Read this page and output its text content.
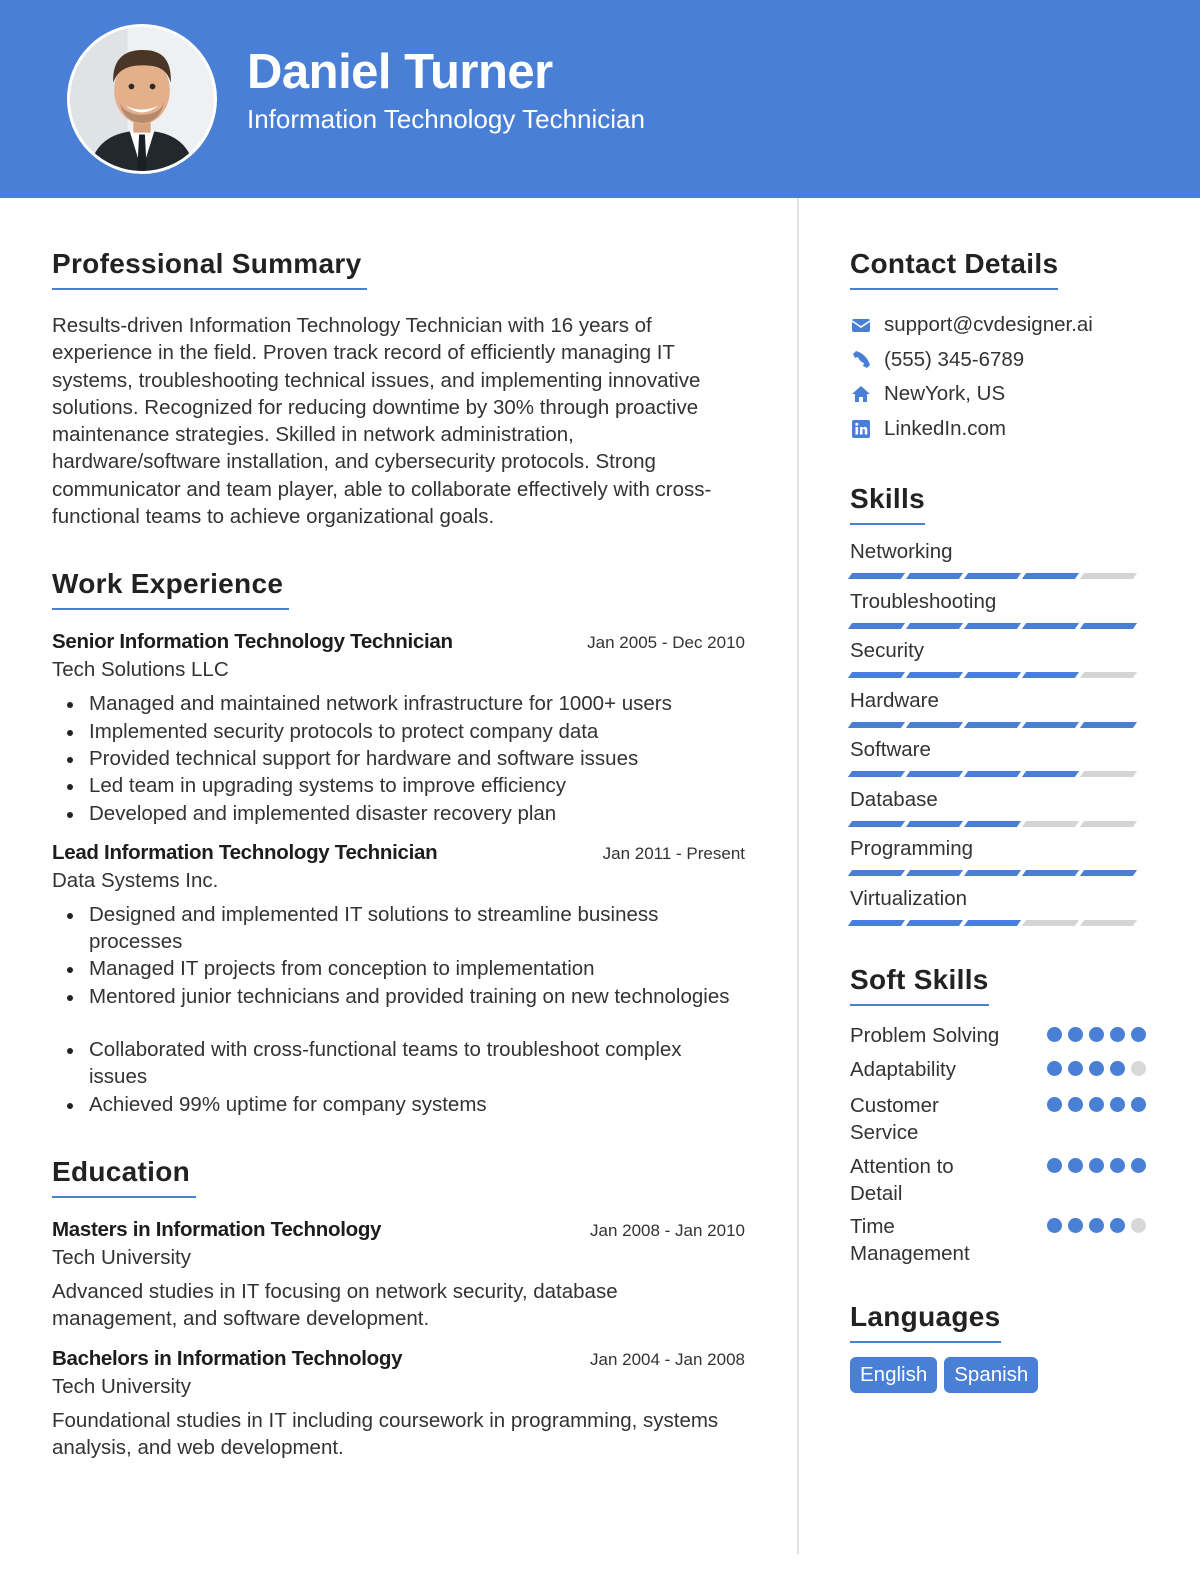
Daniel Turner
Information Technology Technician
Professional Summary

Results-driven Information Technology Technician with 16 years of experience in the field. Proven track record of efficiently managing IT systems, troubleshooting technical issues, and implementing innovative solutions. Recognized for reducing downtime by 30% through proactive maintenance strategies. Skilled in network administration, hardware/software installation, and cybersecurity protocols. Strong communicator and team player, able to collaborate effectively with cross-functional teams to achieve organizational goals.

Work Experience
Senior Information Technology Technician	Jan 2005 - Dec 2010
Tech Solutions LLC
Managed and maintained network infrastructure for 1000+ users
Implemented security protocols to protect company data
Provided technical support for hardware and software issues
Led team in upgrading systems to improve efficiency
Developed and implemented disaster recovery plan
Lead Information Technology Technician	Jan 2011 - Present
Data Systems Inc.
Designed and implemented IT solutions to streamline business processes
Managed IT projects from conception to implementation
Mentored junior technicians and provided training on new technologies
Collaborated with cross-functional teams to troubleshoot complex issues
Achieved 99% uptime for company systems
Education
Masters in Information Technology	Jan 2008 - Jan 2010
Tech University

Advanced studies in IT focusing on network security, database management, and software development.

Bachelors in Information Technology	Jan 2004 - Jan 2008
Tech University

Foundational studies in IT including coursework in programming, systems analysis, and web development.

Contact Details
support@cvdesigner.ai
(555) 345-6789
NewYork, US
LinkedIn.com
Skills
Networking
Troubleshooting
Security
Hardware
Software
Database
Programming
Virtualization
Soft Skills
Problem Solving
Adaptability
Customer Service
Attention to Detail
Time Management
Languages
English	Spanish
